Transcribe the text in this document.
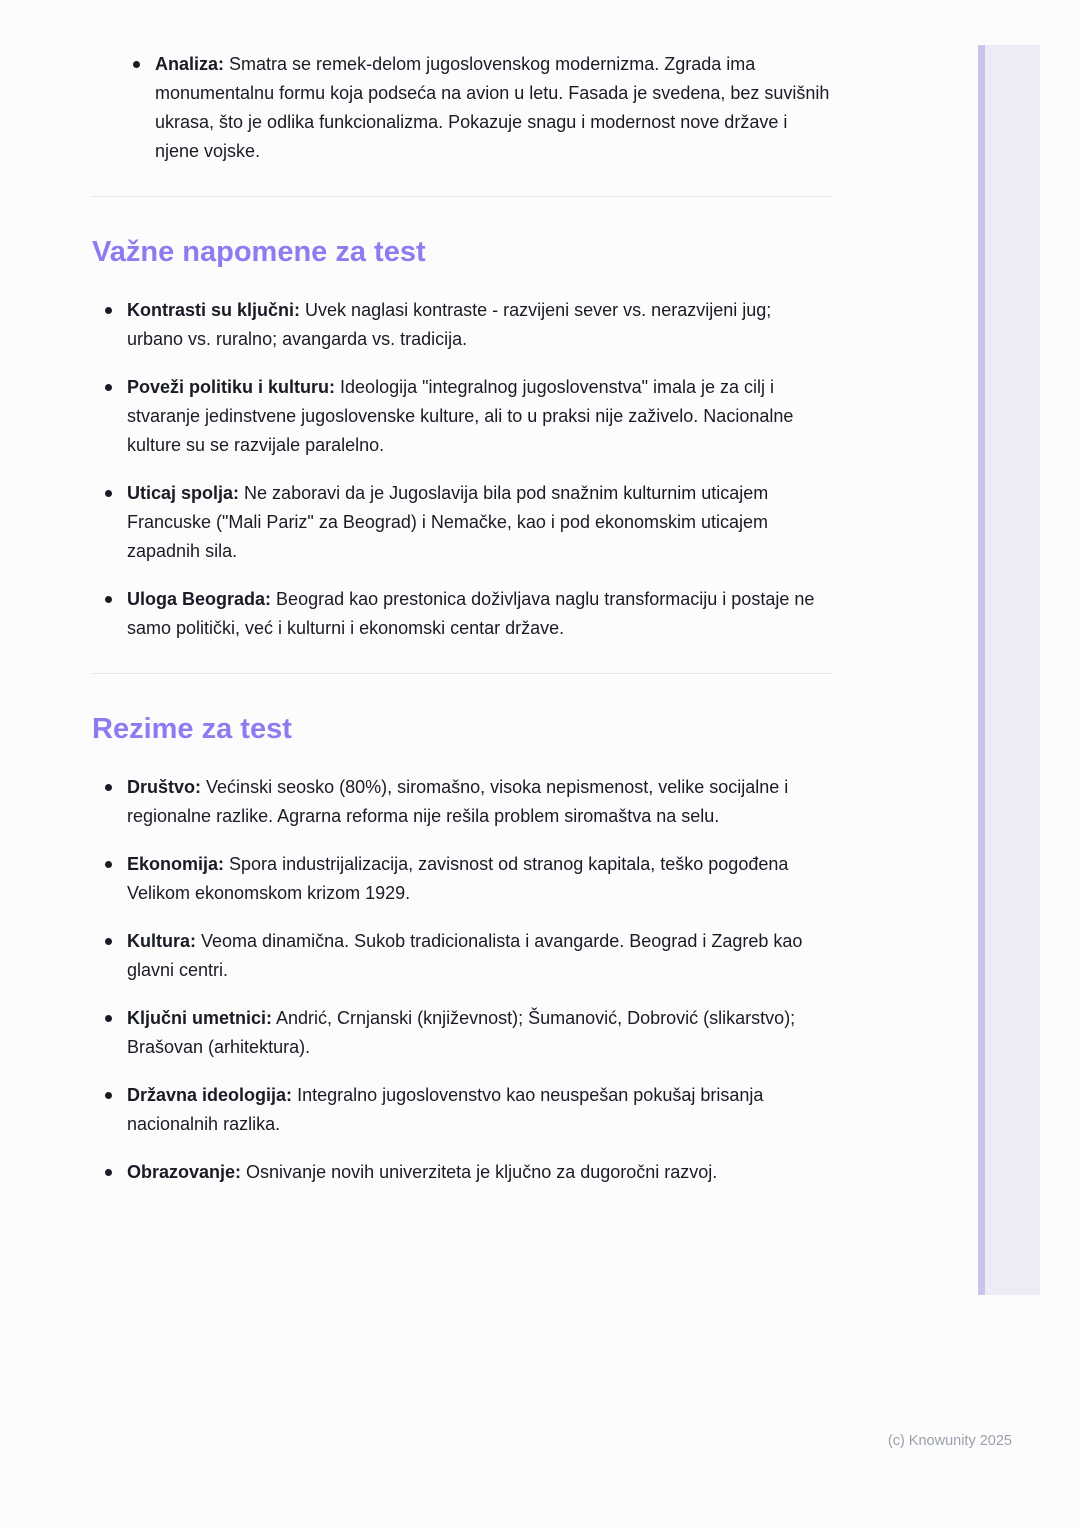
Analiza: Smatra se remek-delom jugoslovenskog modernizma. Zgrada ima monumentalnu formu koja podseća na avion u letu. Fasada je svedena, bez suvišnih ukrasa, što je odlika funkcionalizma. Pokazuje snagu i modernost nove države i njene vojske.
Važne napomene za test
Kontrasti su ključni: Uvek naglasi kontraste - razvijeni sever vs. nerazvijeni jug; urbano vs. ruralno; avangarda vs. tradicija.
Poveži politiku i kulturu: Ideologija "integralnog jugoslovenstva" imala je za cilj i stvaranje jedinstvene jugoslovenske kulture, ali to u praksi nije zaživelo. Nacionalne kulture su se razvijale paralelno.
Uticaj spolja: Ne zaboravi da je Jugoslavija bila pod snažnim kulturnim uticajem Francuske ("Mali Pariz" za Beograd) i Nemačke, kao i pod ekonomskim uticajem zapadnih sila.
Uloga Beograda: Beograd kao prestonica doživljava naglu transformaciju i postaje ne samo politički, već i kulturni i ekonomski centar države.
Rezime za test
Društvo: Većinski seosko (80%), siromašno, visoka nepismenost, velike socijalne i regionalne razlike. Agrarna reforma nije rešila problem siromaštva na selu.
Ekonomija: Spora industrijalizacija, zavisnost od stranog kapitala, teško pogođena Velikom ekonomskom krizom 1929.
Kultura: Veoma dinamična. Sukob tradicionalista i avangarde. Beograd i Zagreb kao glavni centri.
Ključni umetnici: Andrić, Crnjanski (književnost); Šumanović, Dobrović (slikarstvo); Brašovan (arhitektura).
Državna ideologija: Integralno jugoslovenstvo kao neuspešan pokušaj brisanja nacionalnih razlika.
Obrazovanje: Osnivanje novih univerziteta je ključno za dugoročni razvoj.
(c) Knowunity 2025
